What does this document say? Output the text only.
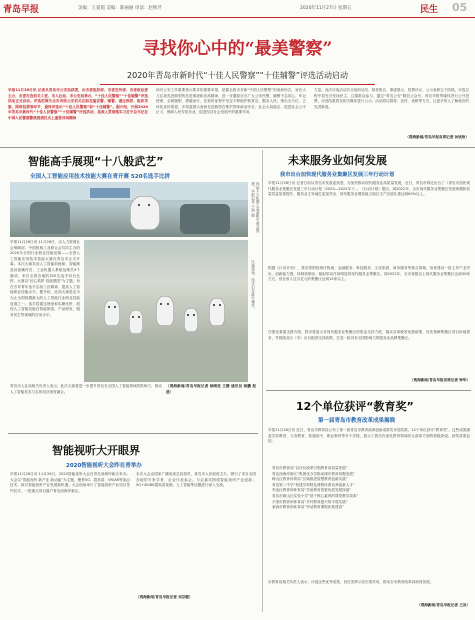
青岛早报	美编：王爱霞 美编：陈丽丽 审读：赵秋芹	2020年11月27日 星期五	民生 05
寻找你心中的“最美警察”
2020年青岛市新时代“十佳人民警察”“十佳辅警”评选活动启动
早报11月26日讯 记者从青岛市公安局获悉，由市委组织部、市委宣传部、市委政法委主办，市委市直机关工委、市人社局、市公安局承办，“十佳人民警察”“十佳辅警”评选活动正式启动。评选范围为全市各级公安机关在职在编民警、辅警，通过推荐、组织考察、网络投票等环节，最终评选出“十佳人民警察”和“十佳辅警”。据介绍，开展2020年青岛市新时代“十佳人民警察”“十佳辅警”评选活动，是深入贯彻落实习近平总书记在中国人民警察警旗授旗仪式上重要训词精神
和对公安工作重要指示要求的重要举措，是健全我市对新“中国人民警察”的表彰形式，旨在大力弘扬先进典型的先进事迹和崇高精神，进一步激励全市广大公安民警、辅警不忘初心、牢记使命，全面履职、勇毅前行，在新的征程中坚定不移地护航青岛、服务人民。推出全方位、立体化宣传报道，多渠道展示表彰先进典型在维护国家政治安全、社会大局稳定、促进社会公平正义、保障人民安居乐业、促进经济社会发展中的重要作用，
力量。此次评选活动共分组织动员、推荐报名、事迹展示、投票评议、公示表彰五个阶段。评选过程中将充分发扬民主，注重群众参与，通过“青岛公安”微信公众号、青岛早报等媒体进行公开投票，评选结果将在相关媒体进行公示。活动将以推荐、宣传、表彰等方式，让更多的人了解他们的先进事迹。
（观海新闻/青岛早报首席记者 孙欣欣）
智能高手展现“十八般武艺”
全国人工智能应用技术技能大赛在青开赛 520名选手比拼
现场不少机器人表演吸引观众围观，早报记者 于海 摄
早报11月26日讯 11月26日，由人力资源社会保障部、中国机械工业联合会共同主办的2020年全国行业职业技能竞赛——全国人工智能应用技术技能大赛在青岛市正式开幕。本次大赛共设人工智能训练师、智能制造设备操作员、工业机器人系统运维员3个赛项，来自全国各地的520名选手同台比拼。大赛以“匠心筑梦 技能强国”为主题，旨在引导青年选手弘扬工匠精神，提高人工智能职业技能水平。据介绍，此项大赛是迄今为止全国规模最大的人工智能行业职业技能竞赛之一。选手将通过理论和实操比拼，展现人工智能技能在智能制造、产品研发、服务民生等领域的应用水平。
比赛现场，选手们在进行操作。
青岛市人社局相关负责人表示，此次大赛将进一步提升青岛在全国人工智能领域的影响力，推动人工智能技术与实体经济深度融合。
（观海新闻/青岛早报记者 徐晓亮 王静 通讯员 杨鹏 报道）
智能视听大开眼界
2020智能视听大会昨在青举办
早报11月26日讯 11月26日，2020智能视听大会在青岛西海岸新区举办。大会以“智能视听 新产业 新动能”为主题，聚焦5G、超高清、VR/AR等前沿技术，探讨智能视听产业发展新机遇。大会现场举行了智能视听产业项目签约仪式，一批重点项目落户青岛西海岸新区。
本次大会由国家广播电视总局指导，青岛市人民政府主办，吸引了来自全国各地的专家学者、企业代表参会。与会嘉宾围绕智能视听产业创新、5G+4K/8K超高清视频、人工智能等话题进行深入交流。
（观海新闻/青岛早报记者 刘宗健）
未来服务业如何发展
我市出台加快现代服务业集聚区发展三年行动计划
早报11月26日讯 记者日前从青岛市发改委获悉，为加快推动现代服务业高质量发展，近日，青岛市制定出台了《青岛市加快现代服务业集聚区发展三年行动计划（2020—2022年）》。《行动计划》提出，到2022年，全市现代服务业集聚区发展规模和质量效益显著提升，服务业主导地位更加突出，现代服务业增加值占地区生产总值比重达到60%以上。
根据《行动计划》，我市将围绕现代物流、金融服务、科技服务、文化旅游、商务服务等重点领域，培育建设一批主导产业突出、创新能力强、体制机制活、辐射带动作用明显的现代服务业集聚区。到2022年，全市省级以上现代服务业集聚区达到30家左右，营业收入过百亿元的集聚区达到15家以上。
在强化要素支撑方面，我市将加大对现代服务业集聚区的资金支持力度，落实各项税收优惠政策，优先保障集聚区项目用地需求，并鼓励各区（市）出台配套支持政策，打造一批具有全国影响力的服务业品牌集聚区。
（观海新闻/青岛早报首席记者 钟华）
12个单位获评“教育奖”
第一届青岛市教育改革成果揭晓
早报11月26日讯 近日，青岛市教育局公布了第一届青岛市教育改革创新成果奖评选结果，12个单位获评“教育奖”。这些成果涵盖学前教育、义务教育、普通高中、职业教育等多个学段，展示了我市在深化教育领域综合改革方面的积极探索。获奖成果包括：
青岛市教育局“以评价改革引领教育高质量发展”
青岛西海岸新区“集团化办学推动城乡教育均衡发展”
崂山区教育体育局“区域推进智慧教育创新实践”
青岛第二中学“构建学科特色课程体系培养创新人才”
李沧区教育和体育局“学前教育普惠优质发展探索”
青岛市崂山区实验小学“基于核心素养的课堂教学改革”
平度市教育和体育局“乡村教育振兴的平度实践”
莱西市教育和体育局“劳动教育课程体系建设”
市教育局相关负责人表示，评选这些优秀成果，旨在发挥示范引领作用，推动全市教育改革向纵深发展。
（观海新闻/青岛早报记者 王冰）
